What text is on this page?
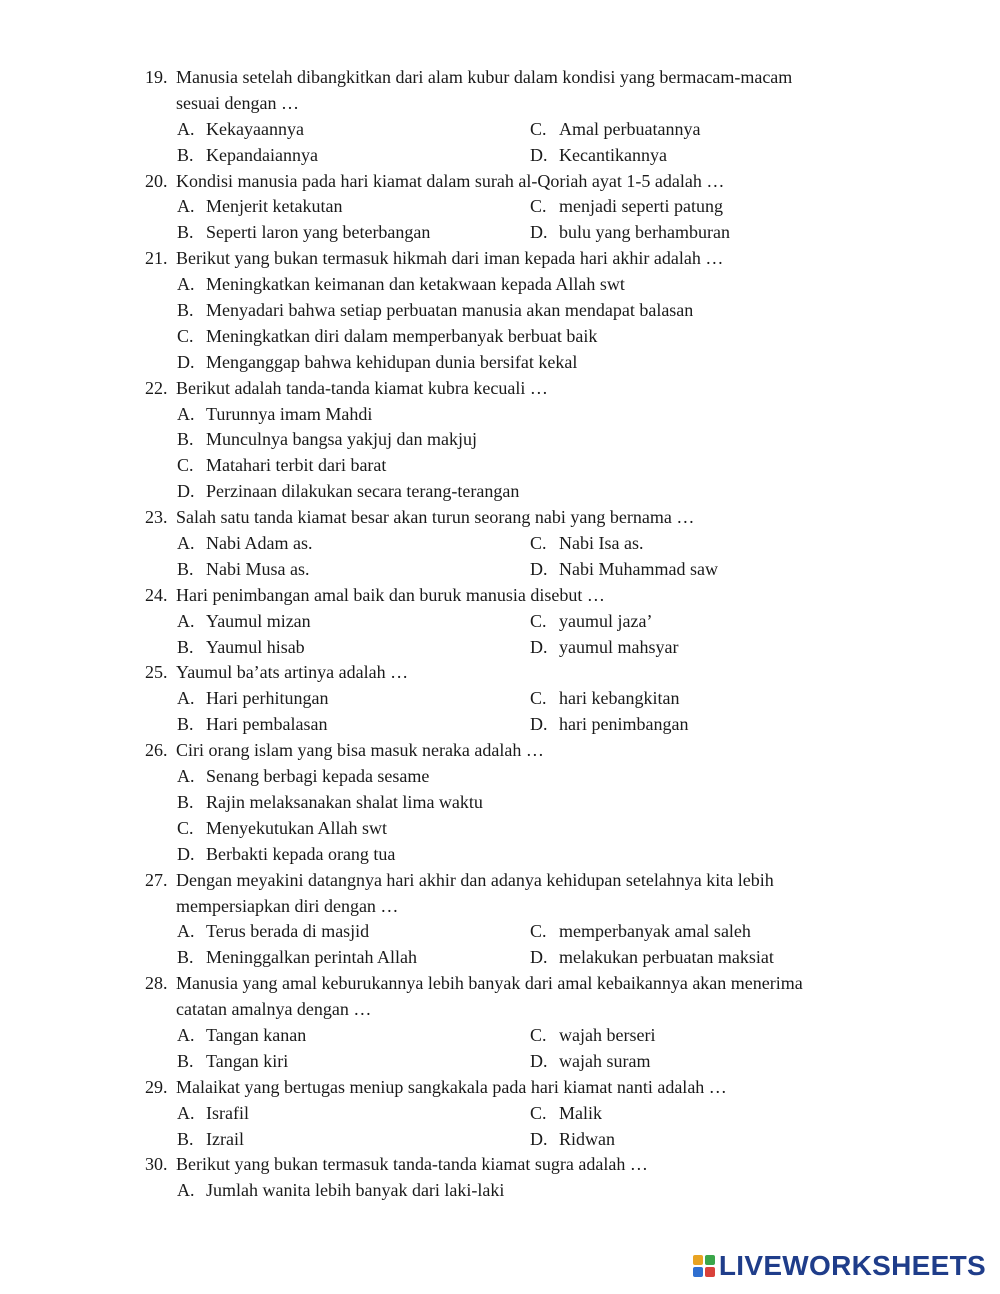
19. Manusia setelah dibangkitkan dari alam kubur dalam kondisi yang bermacam-macam
sesuai dengan …
A. Kekayaannya	C. Amal perbuatannya
B. Kepandaiannya	D. Kecantikannya
20. Kondisi manusia pada hari kiamat dalam surah al-Qoriah ayat 1-5 adalah …
A. Menjerit ketakutan	C. menjadi seperti patung
B. Seperti laron yang beterbangan	D. bulu yang berhamburan
21. Berikut yang bukan termasuk hikmah dari iman kepada hari akhir adalah …
A. Meningkatkan keimanan dan ketakwaan kepada Allah swt
B. Menyadari bahwa setiap perbuatan manusia akan mendapat balasan
C. Meningkatkan diri dalam memperbanyak berbuat baik
D. Menganggap bahwa kehidupan dunia bersifat kekal
22. Berikut adalah tanda-tanda kiamat kubra kecuali …
A. Turunnya imam Mahdi
B. Munculnya bangsa yakjuj dan makjuj
C. Matahari terbit dari barat
D. Perzinaan dilakukan secara terang-terangan
23. Salah satu tanda kiamat besar akan turun seorang nabi yang bernama …
A. Nabi Adam as.	C. Nabi Isa as.
B. Nabi Musa as.	D. Nabi Muhammad saw
24. Hari penimbangan amal baik dan buruk manusia disebut …
A. Yaumul mizan	C. yaumul jaza’
B. Yaumul hisab	D. yaumul mahsyar
25. Yaumul ba’ats artinya adalah …
A. Hari perhitungan	C. hari kebangkitan
B. Hari pembalasan	D. hari penimbangan
26. Ciri orang islam yang bisa masuk neraka adalah …
A. Senang berbagi kepada sesame
B. Rajin melaksanakan shalat lima waktu
C. Menyekutukan Allah swt
D. Berbakti kepada orang tua
27. Dengan meyakini datangnya hari akhir dan adanya kehidupan setelahnya kita lebih
mempersiapkan diri dengan …
A. Terus berada di masjid	C. memperbanyak amal saleh
B. Meninggalkan perintah Allah	D. melakukan perbuatan maksiat
28. Manusia yang amal keburukannya lebih banyak dari amal kebaikannya akan menerima
catatan amalnya dengan …
A. Tangan kanan	C. wajah berseri
B. Tangan kiri	D. wajah suram
29. Malaikat yang bertugas meniup sangkakala pada hari kiamat nanti adalah …
A. Israfil	C. Malik
B. Izrail	D. Ridwan
30. Berikut yang bukan termasuk tanda-tanda kiamat sugra adalah …
A. Jumlah wanita lebih banyak dari laki-laki
LIVEWORKSHEETS
